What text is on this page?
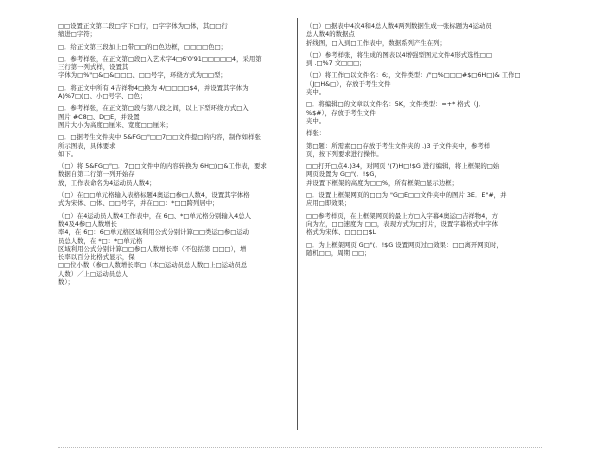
□□设置正文第二段□字下□行，□字字体为□体，其□□行
缩进□字符；
□．给正文第三段加上□带□□的□色边框，□□□□色□；
□．参考样张，在正文第□段□入艺术字4□6'0'91□□□□□4，采用第
三行第一列式样，设置其
字体为□%"□&□&□□□、□□号字，环绕方式为□□型；
□．将正文中所有 4吉祥物4□换为 4/□□□□$4，并设置其字体为
A)%7□(□、小□号字、□色；
□．参考样张，在正文第□段与第八段之间，以上下型环绕方式□入
图片 #C8□、D□E，并设置
图片大小为高度□厘米、宽度□□厘米；
□．□据考生文件夹中 5&FG□"□□7□□文件提□的内容，制作如样张
所示图表，具体要求
如下。
（□）将 5&FG□"□．7□□文件中的内容转换为 6H□)□&工作表，要求
数据自第二行第一列开始存
放，工作表命名为4运动员人数4；
（□）在□□单元格输入表格标题4奥运□参□人数4，设置其字体格
式为宋体、□体、□□号字，并在□□：*□□跨列居中；
（□）在4运动员人数4工作表中，在 6□、*□单元格分别输入4总人
数4及4参□人数增长
率4，在 6□：6□单元格区域利用公式分别计算□□类运□参□运动
员总人数，在 *□：*□单元格
区域利用公式分别计算□□参□人数增长率（不包括第 □□□），增
长率以百分比格式显示，保
□□位小数（参□人数增长率□（本□运动员总人数□上□运动员总
人数）／上□运动员总人
数）；
（□）□据表中4次4和4总人数4两列数据生成一张标题为4运动员
总人数4的数据点
折线图，□入到□工作表中，数据系列产生在列；
（□）参考样张，将生成的图表以4增强型图元文件4形式选性□□
到 .□%7 文□□□；
（□）将工作□以文件名：6;，文件类型：/"□%□□□#$□6H□)& 工作□
（J□H&□），存放于考生文件
夹中。
□．将编辑□的文章以文件名：5K，文件类型：=+* 格式（J．
%$#），存放于考生文件
夹中。
样张：
第□题：所需素□□存放于考生文件夹的 .)3 子文件夹中，参考样
页，按下列要求进行操作。
□□打开□点4.)34，对网页 '(7)H□!$G 进行编辑，将上框架的□始
网页设置为 G□"(．!$G，
并设置下框架的高度为□□%，所有框架□显示边框；
□．设置上框架网页的□□为 "G□E□□文件夹中的图片 3E．E"#，并
应用□即效果；
□□参考样页，在上框架网页的最上方□入字幕4奥运□吉祥物4，方
向为左，□□速度为 □□，表现方式为□打片，设置字幕格式中字体
格式为宋体、□□□□$L
□．为上框架网页 G□"(．!$G 设置网页过□效果：□□离开网页时，
随机□□，周期 □□；
